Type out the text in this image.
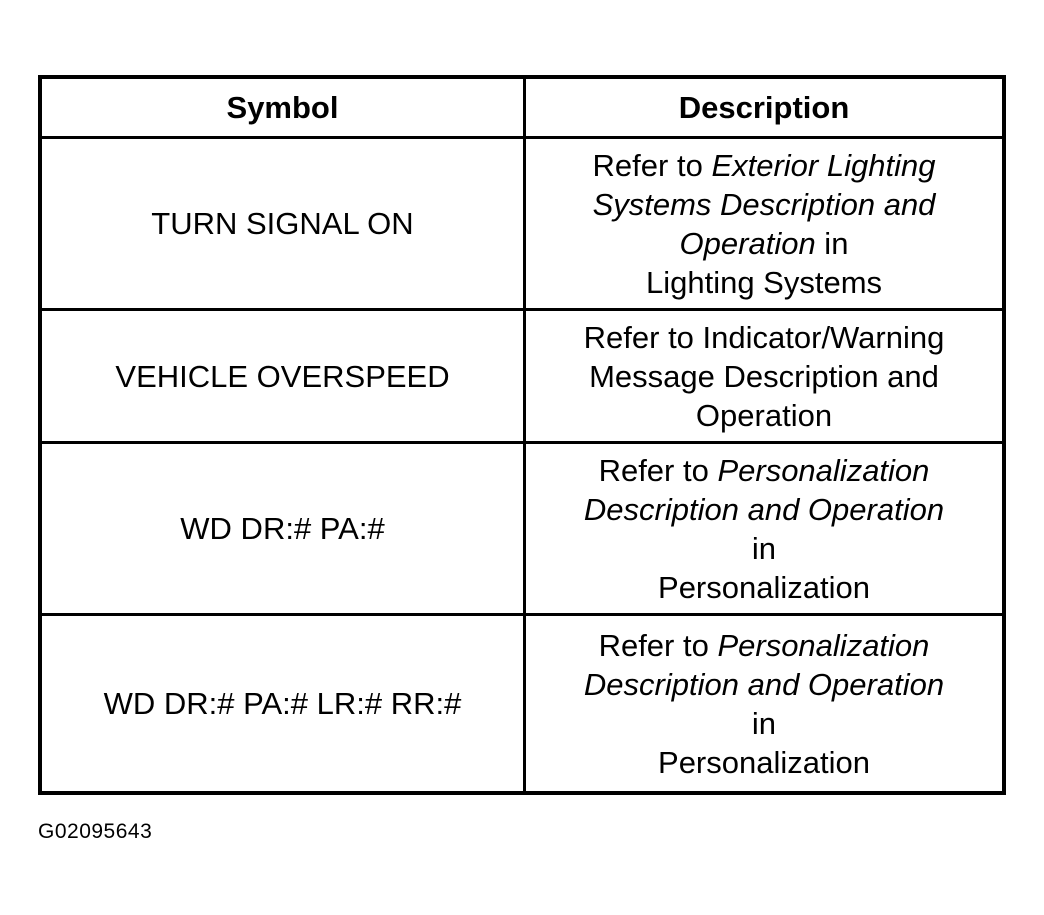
Symbol	Description
TURN SIGNAL ON
Refer to Exterior Lighting
Systems Description and
Operation in
Lighting Systems
VEHICLE OVERSPEED
Refer to Indicator/Warning
Message Description and
Operation
WD DR:# PA:#
Refer to Personalization
Description and Operation
in
Personalization
WD DR:# PA:# LR:# RR:#
Refer to Personalization
Description and Operation
in
Personalization
G02095643
